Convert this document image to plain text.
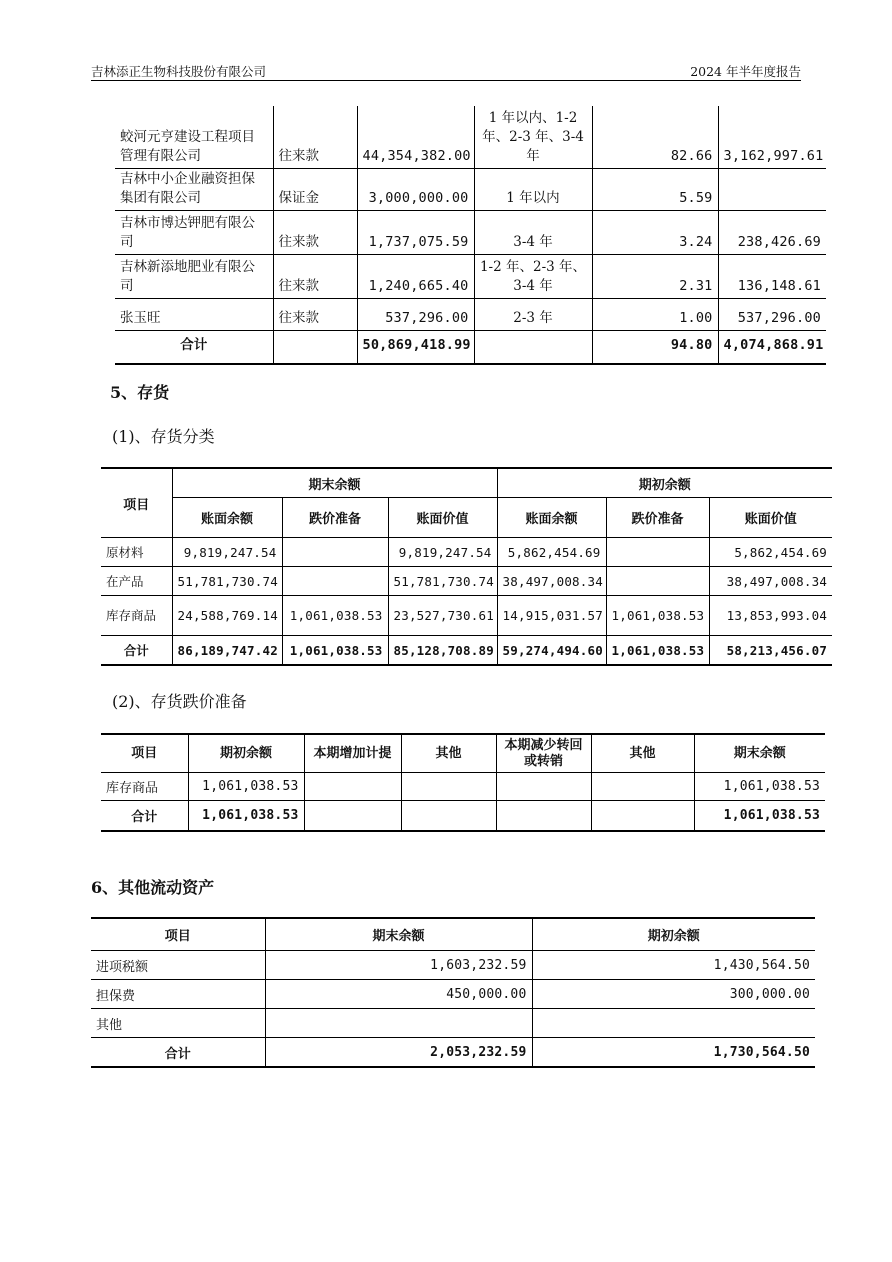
吉林添正生物科技股份有限公司	2024 年半年度报告
蛟河元亨建设工程项目管理有限公司	往来款	44,354,382.00	1 年以内、1-2 年、2-3 年、3-4 年	82.66	3,162,997.61
吉林中小企业融资担保集团有限公司	保证金	3,000,000.00	1 年以内	5.59	
吉林市博达钾肥有限公司	往来款	1,737,075.59	3-4 年	3.24	238,426.69
吉林新添地肥业有限公司	往来款	1,240,665.40	1-2 年、2-3 年、3-4 年	2.31	136,148.61
张玉旺	往来款	537,296.00	2-3 年	1.00	537,296.00
合计		50,869,418.99		94.80	4,074,868.91
5、存货
(1)、存货分类
项目	期末余额			期初余额		
	账面余额	跌价准备	账面价值	账面余额	跌价准备	账面价值
原材料	9,819,247.54		9,819,247.54	5,862,454.69		5,862,454.69
在产品	51,781,730.74		51,781,730.74	38,497,008.34		38,497,008.34
库存商品	24,588,769.14	1,061,038.53	23,527,730.61	14,915,031.57	1,061,038.53	13,853,993.04
合计	86,189,747.42	1,061,038.53	85,128,708.89	59,274,494.60	1,061,038.53	58,213,456.07
(2)、存货跌价准备
项目	期初余额	本期增加计提	其他	本期减少转回或转销	其他	期末余额
库存商品	1,061,038.53					1,061,038.53
合计	1,061,038.53					1,061,038.53
6、其他流动资产
项目	期末余额	期初余额
进项税额	1,603,232.59	1,430,564.50
担保费	450,000.00	300,000.00
其他		
合计	2,053,232.59	1,730,564.50
